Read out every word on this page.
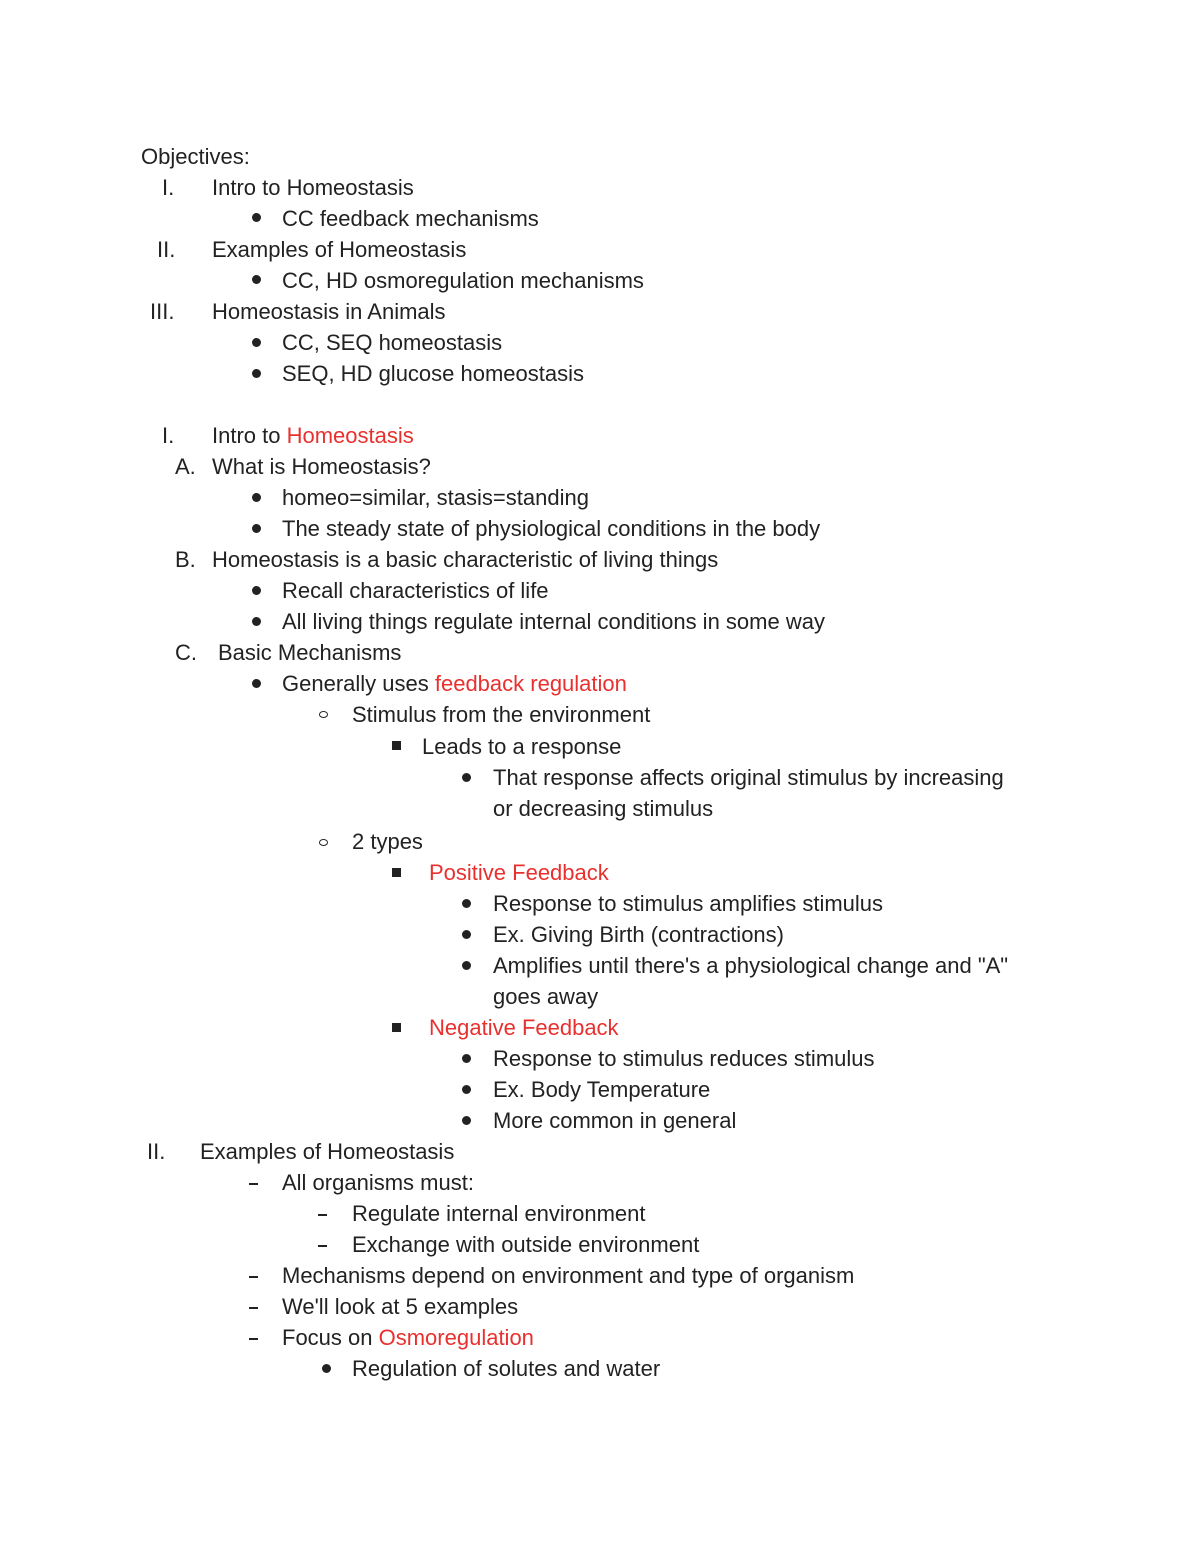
Objectives:
I. Intro to Homeostasis
CC feedback mechanisms
II. Examples of Homeostasis
CC, HD osmoregulation mechanisms
III. Homeostasis in Animals
CC, SEQ homeostasis
SEQ, HD glucose homeostasis
I. Intro to Homeostasis
A. What is Homeostasis?
homeo=similar, stasis=standing
The steady state of physiological conditions in the body
B. Homeostasis is a basic characteristic of living things
Recall characteristics of life
All living things regulate internal conditions in some way
C. Basic Mechanisms
Generally uses feedback regulation
Stimulus from the environment
Leads to a response
That response affects original stimulus by increasing
or decreasing stimulus
2 types
Positive Feedback
Response to stimulus amplifies stimulus
Ex. Giving Birth (contractions)
Amplifies until there's a physiological change and "A"
goes away
Negative Feedback
Response to stimulus reduces stimulus
Ex. Body Temperature
More common in general
II. Examples of Homeostasis
All organisms must:
Regulate internal environment
Exchange with outside environment
Mechanisms depend on environment and type of organism
We'll look at 5 examples
Focus on Osmoregulation
Regulation of solutes and water
